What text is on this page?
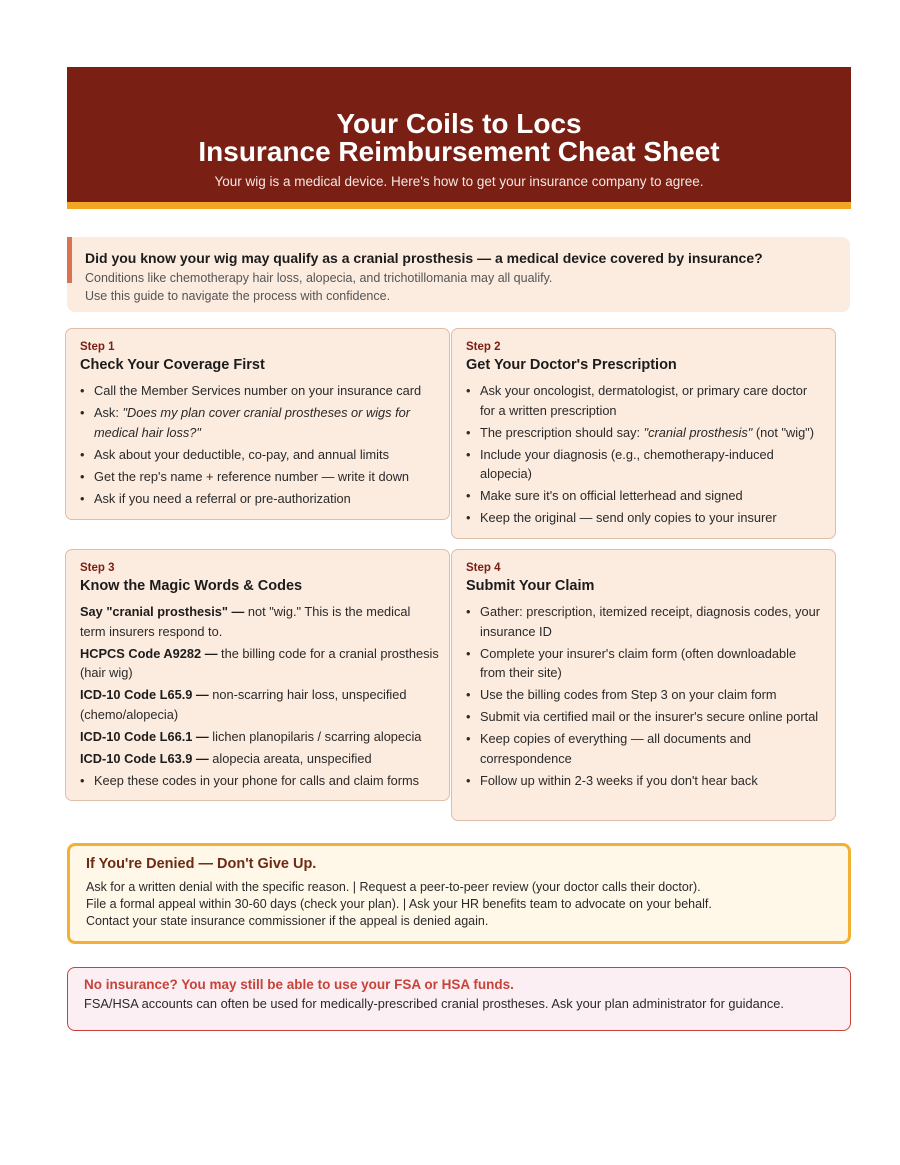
Your Coils to Locs
Insurance Reimbursement Cheat Sheet
Your wig is a medical device. Here's how to get your insurance company to agree.
Did you know your wig may qualify as a cranial prosthesis — a medical device covered by insurance?
Conditions like chemotherapy hair loss, alopecia, and trichotillomania may all qualify.
Use this guide to navigate the process with confidence.
Step 1
Check Your Coverage First
• Call the Member Services number on your insurance card
• Ask: "Does my plan cover cranial prostheses or wigs for medical hair loss?"
• Ask about your deductible, co-pay, and annual limits
• Get the rep's name + reference number — write it down
• Ask if you need a referral or pre-authorization
Step 2
Get Your Doctor's Prescription
• Ask your oncologist, dermatologist, or primary care doctor for a written prescription
• The prescription should say: "cranial prosthesis" (not "wig")
• Include your diagnosis (e.g., chemotherapy-induced alopecia)
• Make sure it's on official letterhead and signed
• Keep the original — send only copies to your insurer
Step 3
Know the Magic Words & Codes

Say "cranial prosthesis" — not "wig." This is the medical term insurers respond to.

HCPCS Code A9282 — the billing code for a cranial prosthesis (hair wig)

ICD-10 Code L65.9 — non-scarring hair loss, unspecified (chemo/alopecia)

ICD-10 Code L66.1 — lichen planopilaris / scarring alopecia

ICD-10 Code L63.9 — alopecia areata, unspecified

• Keep these codes in your phone for calls and claim forms

Step 4
Submit Your Claim
• Gather: prescription, itemized receipt, diagnosis codes, your insurance ID
• Complete your insurer's claim form (often downloadable from their site)
• Use the billing codes from Step 3 on your claim form
• Submit via certified mail or the insurer's secure online portal
• Keep copies of everything — all documents and correspondence
• Follow up within 2-3 weeks if you don't hear back
If You're Denied — Don't Give Up.
Ask for a written denial with the specific reason. | Request a peer-to-peer review (your doctor calls their doctor).
File a formal appeal within 30-60 days (check your plan). | Ask your HR benefits team to advocate on your behalf.
Contact your state insurance commissioner if the appeal is denied again.
No insurance? You may still be able to use your FSA or HSA funds.
FSA/HSA accounts can often be used for medically-prescribed cranial prostheses. Ask your plan administrator for guidance.
